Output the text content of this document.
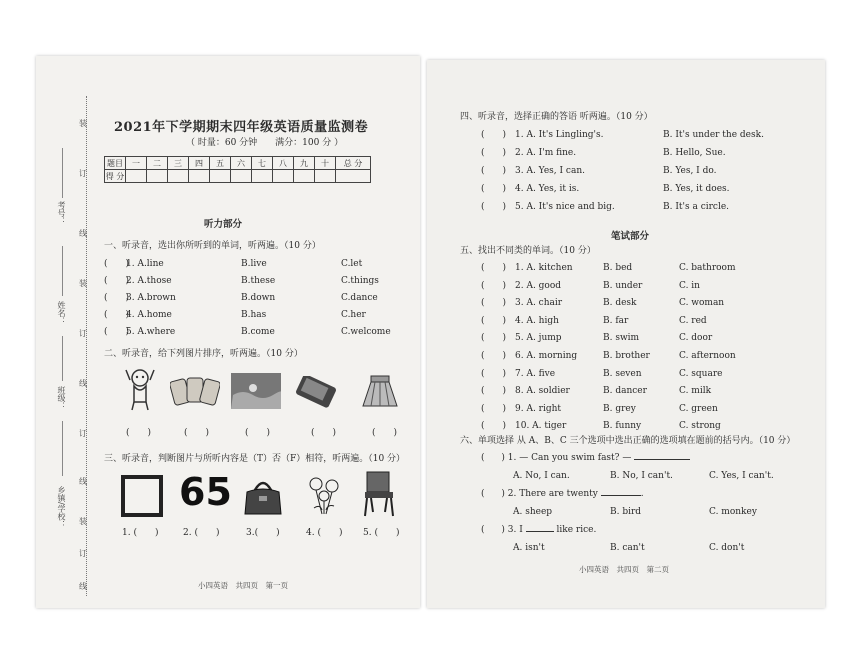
装
订
线
考号：
装
订
线
姓名：
订
线
班级：
装
订
乡镇/学校：
线
2021年下学期期末四年级英语质量监测卷
（ 时量：60 分钟　　满分：100 分 ）
题目	一	二	三	四	五	六	七	八	九	十	总 分
得 分											
听力部分
一、听录音，选出你所听到的单词，听两遍。（10 分）
(　　)
1. A.line	B.live	C.let
(　　)
2. A.those	B.these	C.things
(　　)
3. A.brown	B.down	C.dance
(　　)
4. A.home	B.has	C.her
(　　)
5. A.where	B.come	C.welcome
二、听录音，给下列图片排序，听两遍。（10 分）
(　　)	(　　)	(　　)	(　　)	(　　)
三、听录音，判断图片与所听内容是（T）否（F）相符，听两遍。（10 分）
65
1. (　　)	2. (　　)	3.(　　)	4. (　　) 5. (　　)
小四英语　共四页　第一页
四、听录音，选择正确的答语 听两遍。（10 分）
(　　) 1. A. It's Lingling's.	B. It's under the desk.
(　　) 2. A. I'm fine.	B. Hello, Sue.
(　　) 3. A. Yes, I can.	B. Yes, I do.
(　　) 4. A. Yes, it is.	B. Yes, it does.
(　　) 5. A. It's nice and big.	B. It's a circle.
笔试部分
五、找出不同类的单词。（10 分）
(　　) 1. A. kitchen	B. bed	C. bathroom
(　　) 2. A. good	B. under	C. in
(　　) 3. A. chair	B. desk	C. woman
(　　) 4. A. high	B. far	C. red
(　　) 5. A. jump	B. swim	C. door
(　　) 6. A. morning	B. brother	C. afternoon
(　　) 7. A. five	B. seven	C. square
(　　) 8. A. soldier	B. dancer	C. milk
(　　) 9. A. right	B. grey	C. green
(　　) 10. A. tiger	B. funny	C. strong
六、单项选择 从 A、B、C 三个选项中选出正确的选项填在题前的括号内。（10 分）
( ) 1. — Can you swim fast? —
A. No, I can.	B. No, I can't.	C. Yes, I can't.
( ) 2. There are twenty	.
A. sheep	B. bird	C. monkey
( ) 3. I	like rice.
A. isn't	B. can't	C. don't
小四英语　共四页　第二页
